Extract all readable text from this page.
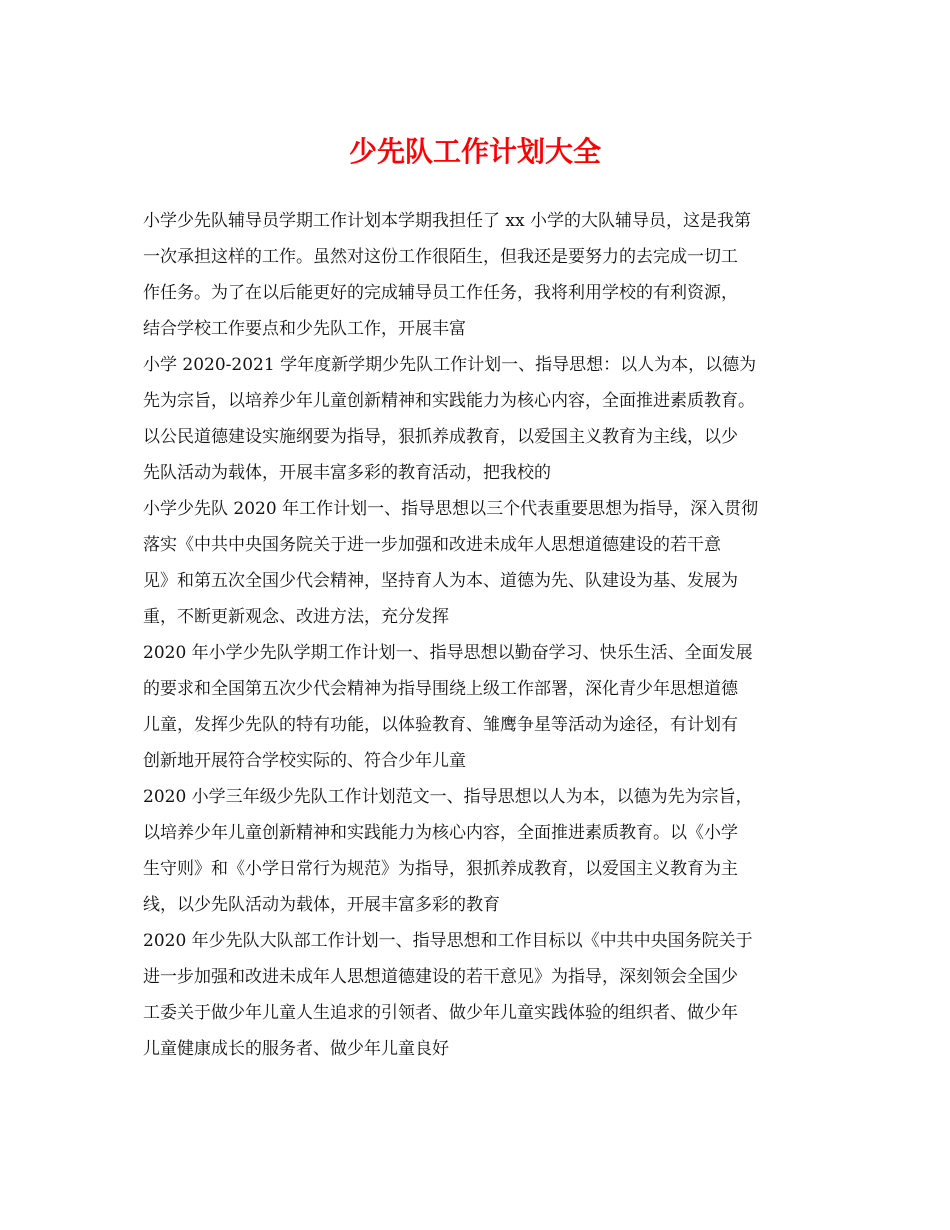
少先队工作计划大全

小学少先队辅导员学期工作计划本学期我担任了 xx 小学的大队辅导员，这是我第
一次承担这样的工作。虽然对这份工作很陌生，但我还是要努力的去完成一切工
作任务。为了在以后能更好的完成辅导员工作任务，我将利用学校的有利资源，
结合学校工作要点和少先队工作，开展丰富

小学 2020-2021 学年度新学期少先队工作计划一、指导思想：以人为本，以德为
先为宗旨，以培养少年儿童创新精神和实践能力为核心内容，全面推进素质教育。
以公民道德建设实施纲要为指导，狠抓养成教育，以爱国主义教育为主线，以少
先队活动为载体，开展丰富多彩的教育活动，把我校的

小学少先队 2020 年工作计划一、指导思想以三个代表重要思想为指导，深入贯彻
落实《中共中央国务院关于进一步加强和改进未成年人思想道德建设的若干意
见》和第五次全国少代会精神，坚持育人为本、道德为先、队建设为基、发展为
重，不断更新观念、改进方法，充分发挥

2020 年小学少先队学期工作计划一、指导思想以勤奋学习、快乐生活、全面发展
的要求和全国第五次少代会精神为指导围绕上级工作部署，深化青少年思想道德
儿童，发挥少先队的特有功能，以体验教育、雏鹰争星等活动为途径，有计划有
创新地开展符合学校实际的、符合少年儿童

2020 小学三年级少先队工作计划范文一、指导思想以人为本，以德为先为宗旨，
以培养少年儿童创新精神和实践能力为核心内容，全面推进素质教育。以《小学
生守则》和《小学日常行为规范》为指导，狠抓养成教育，以爱国主义教育为主
线，以少先队活动为载体，开展丰富多彩的教育

2020 年少先队大队部工作计划一、指导思想和工作目标以《中共中央国务院关于
进一步加强和改进未成年人思想道德建设的若干意见》为指导，深刻领会全国少
工委关于做少年儿童人生追求的引领者、做少年儿童实践体验的组织者、做少年
儿童健康成长的服务者、做少年儿童良好
